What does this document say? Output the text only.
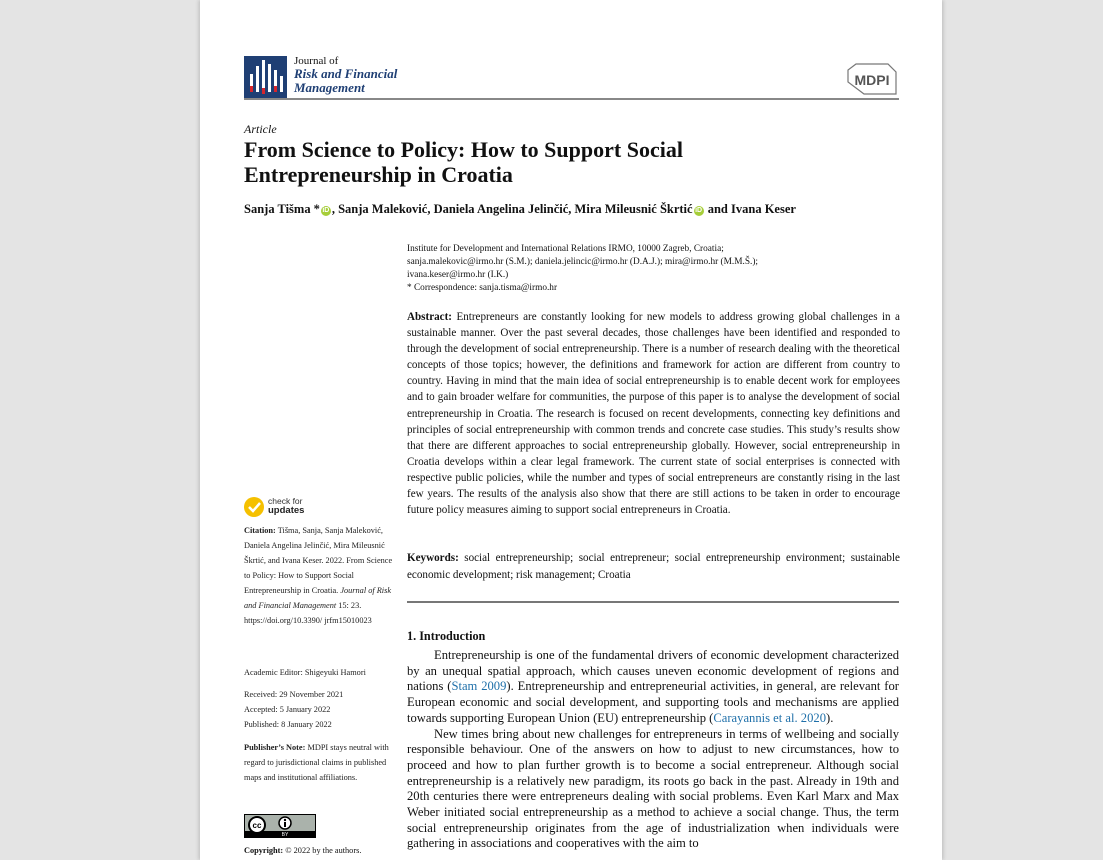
Journal of
Risk and Financial
Management	MDPI
Article
From Science to Policy: How to Support Social Entrepreneurship in Croatia
Sanja Tišma * iD , Sanja Maleković, Daniela Angelina Jelinčić, Mira Mileusnić Škrtić iD and Ivana Keser
Institute for Development and International Relations IRMO, 10000 Zagreb, Croatia;
sanja.malekovic@irmo.hr (S.M.); daniela.jelincic@irmo.hr (D.A.J.); mira@irmo.hr (M.M.Š.);
ivana.keser@irmo.hr (I.K.)
* Correspondence: sanja.tisma@irmo.hr
Abstract: Entrepreneurs are constantly looking for new models to address growing global challenges in a sustainable manner. Over the past several decades, those challenges have been identified and responded to through the development of social entrepreneurship. There is a number of research dealing with the theoretical concepts of those topics; however, the definitions and framework for action are different from country to country. Having in mind that the main idea of social entrepreneurship is to enable decent work for employees and to gain broader welfare for communities, the purpose of this paper is to analyse the development of social entrepreneurship in Croatia. The research is focused on recent developments, connecting key definitions and principles of social entrepreneurship with common trends and concrete case studies. This study’s results show that there are different approaches to social entrepreneurship globally. However, social entrepreneurship in Croatia develops within a clear legal framework. The current state of social enterprises is connected with respective public policies, while the number and types of social entrepreneurs are constantly rising in the last few years. The results of the analysis also show that there are still actions to be taken in order to encourage future policy measures aiming to support social entrepreneurs in Croatia.
Keywords: social entrepreneurship; social entrepreneur; social entrepreneurship environment; sustainable economic development; risk management; Croatia
1. Introduction

Entrepreneurship is one of the fundamental drivers of economic development characterized by an unequal spatial approach, which causes uneven economic development of regions and nations (Stam 2009). Entrepreneurship and entrepreneurial activities, in general, are relevant for European economic and social development, and supporting tools and mechanisms are applied towards supporting European Union (EU) entrepreneurship (Carayannis et al. 2020).

New times bring about new challenges for entrepreneurs in terms of wellbeing and socially responsible behaviour. One of the answers on how to adjust to new circumstances, how to proceed and how to plan further growth is to become a social entrepreneur. Although social entrepreneurship is a relatively new paradigm, its roots go back in the past. Already in 19th and 20th centuries there were entrepreneurs dealing with social problems. Even Karl Marx and Max Weber initiated social entrepreneurship as a method to achieve a social change. Thus, the term social entrepreneurship originates from the age of industrialization when individuals were gathering in associations and cooperatives with the aim to

check for
updates
Citation: Tišma, Sanja, Sanja Maleković, Daniela Angelina Jelinčić, Mira Mileusnić Škrtić, and Ivana Keser. 2022. From Science to Policy: How to Support Social Entrepreneurship in Croatia. Journal of Risk and Financial Management 15: 23. https://doi.org/10.3390/ jrfm15010023
Academic Editor: Shigeyuki Hamori
Received: 29 November 2021
Accepted: 5 January 2022
Published: 8 January 2022
Publisher’s Note: MDPI stays neutral with regard to jurisdictional claims in published maps and institutional affiliations.
cc
BY
Copyright: © 2022 by the authors.
